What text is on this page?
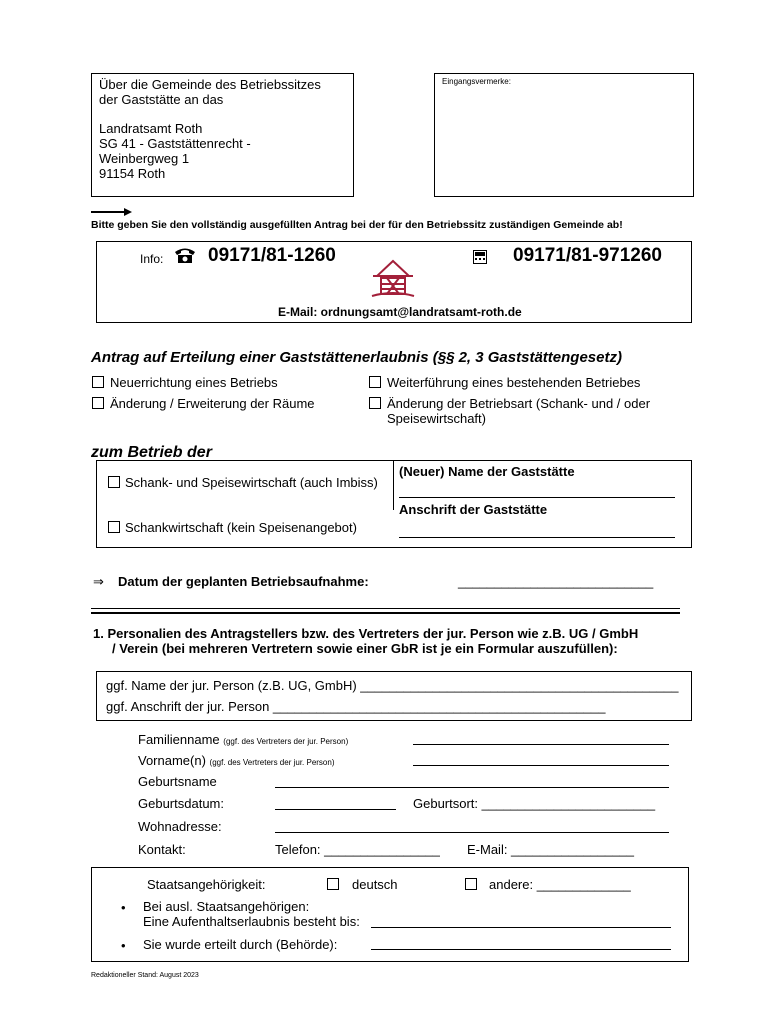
Über die Gemeinde des Betriebssitzes
der Gaststätte an das
Landratsamt Roth
SG 41 - Gaststättenrecht -
Weinbergweg 1
91154 Roth
Eingangsvermerke:
Bitte geben Sie den vollständig ausgefüllten Antrag bei der für den Betriebssitz zuständigen Gemeinde ab!
Info: 09171/81-1260	09171/81-971260
E-Mail: ordnungsamt@landratsamt-roth.de
Antrag auf Erteilung einer Gaststättenerlaubnis (§§ 2, 3 Gaststättengesetz)
Neuerrichtung eines Betriebs	Weiterführung eines bestehenden Betriebes
Änderung / Erweiterung der Räume	Änderung der Betriebsart (Schank- und / oder
Speisewirtschaft)
zum Betrieb der
Schank- und Speisewirtschaft (auch Imbiss)
Schankwirtschaft (kein Speisenangebot)
(Neuer) Name der Gaststätte
Anschrift der Gaststätte
⇒ Datum der geplanten Betriebsaufnahme:	___________________________
1. Personalien des Antragstellers bzw. des Vertreters der jur. Person wie z.B. UG / GmbH
/ Verein (bei mehreren Vertretern sowie einer GbR ist je ein Formular auszufüllen):
ggf. Name der jur. Person (z.B. UG, GmbH) ____________________________________________
ggf. Anschrift der jur. Person ______________________________________________
Familienname (ggf. des Vertreters der jur. Person)
Vorname(n) (ggf. des Vertreters der jur. Person)
Geburtsname
Geburtsdatum:	Geburtsort: ________________________
Wohnadresse:
Kontakt:	Telefon: ________________ E-Mail: _________________
Staatsangehörigkeit:	deutsch	andere: _____________
• Bei ausl. Staatsangehörigen:
Eine Aufenthaltserlaubnis besteht bis:
• Sie wurde erteilt durch (Behörde):
Redaktioneller Stand: August 2023
